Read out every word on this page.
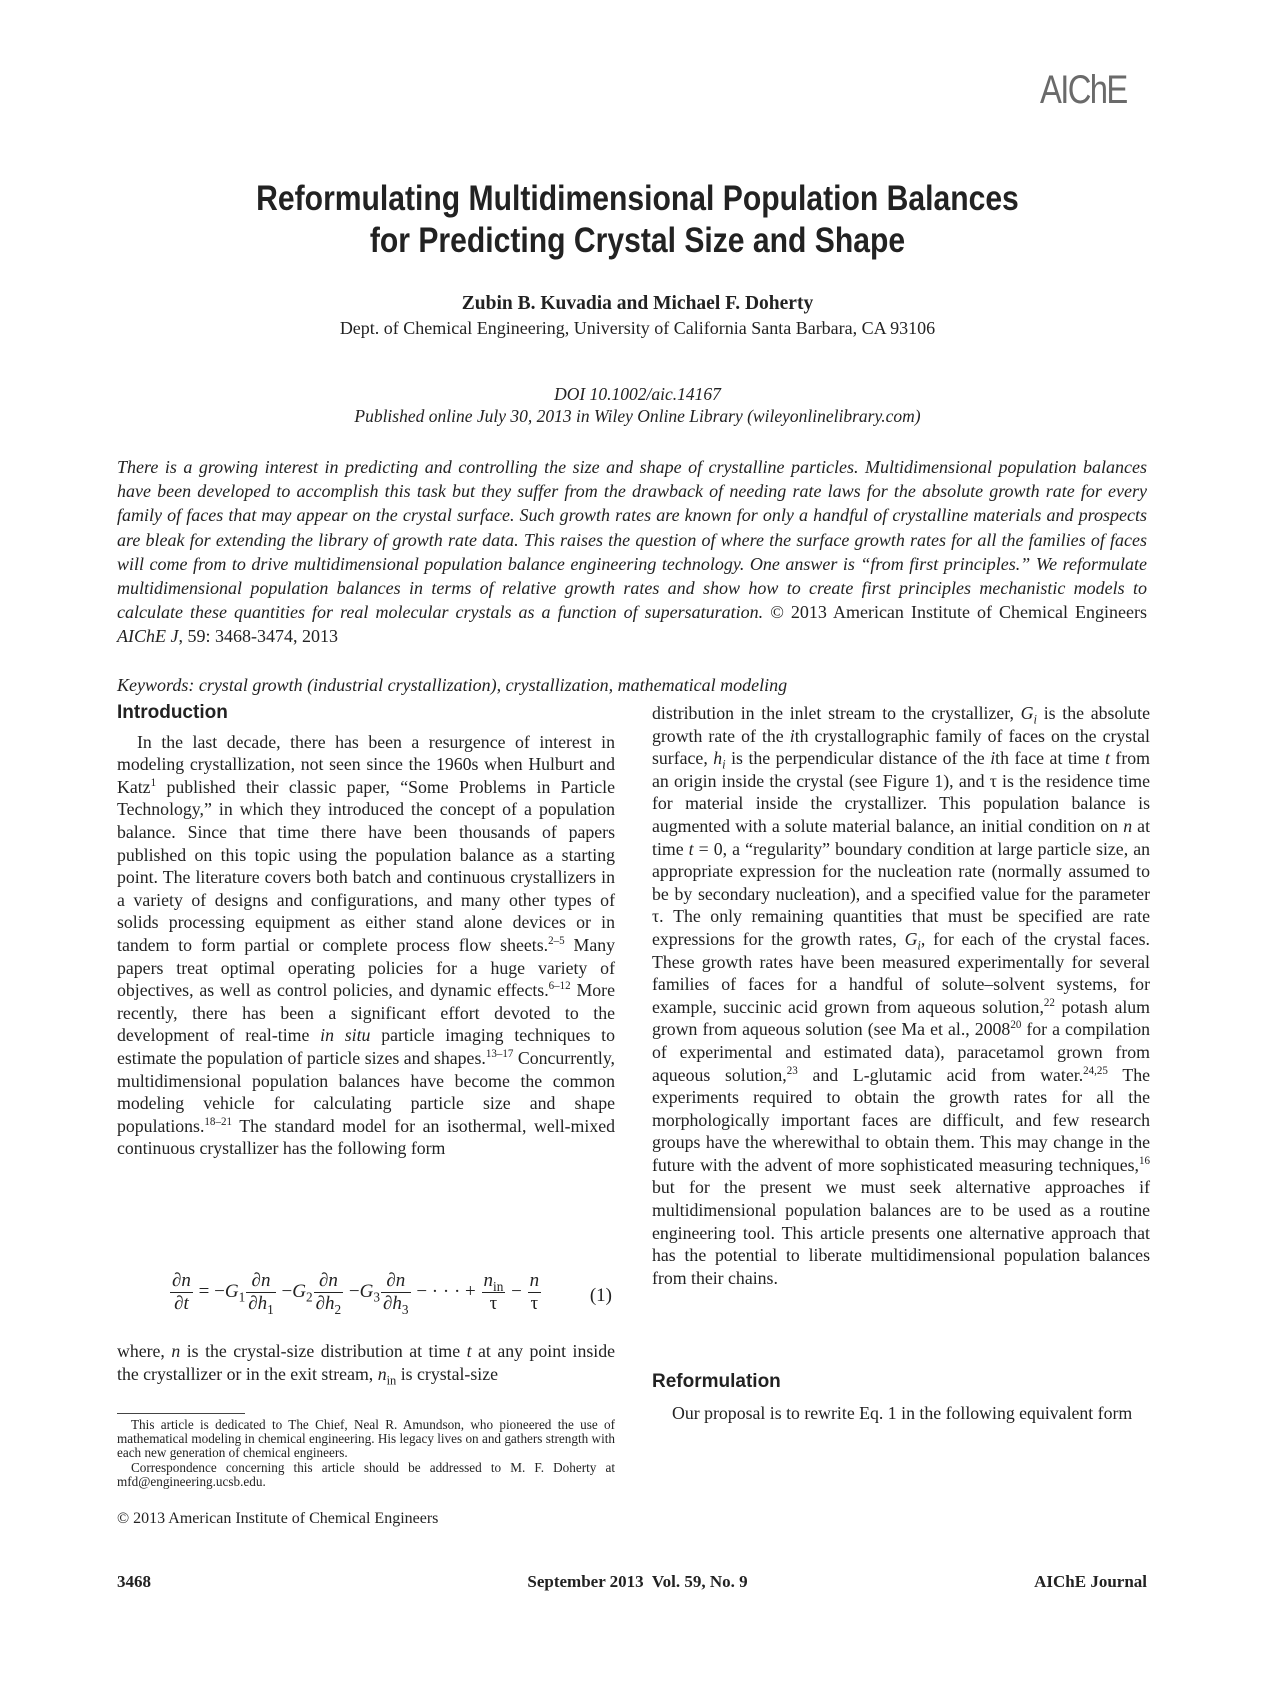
AIChE
Reformulating Multidimensional Population Balances
for Predicting Crystal Size and Shape
Zubin B. Kuvadia and Michael F. Doherty
Dept. of Chemical Engineering, University of California Santa Barbara, CA 93106
DOI 10.1002/aic.14167
Published online July 30, 2013 in Wiley Online Library (wileyonlinelibrary.com)
There is a growing interest in predicting and controlling the size and shape of crystalline particles. Multidimensional population balances have been developed to accomplish this task but they suffer from the drawback of needing rate laws for the absolute growth rate for every family of faces that may appear on the crystal surface. Such growth rates are known for only a handful of crystalline materials and prospects are bleak for extending the library of growth rate data. This raises the question of where the surface growth rates for all the families of faces will come from to drive multidimensional population balance engineering technology. One answer is “from first principles.” We reformulate multidimensional population balances in terms of relative growth rates and show how to create first principles mechanistic models to calculate these quantities for real molecular crystals as a function of supersaturation. © 2013 American Institute of Chemical Engineers AIChE J, 59: 3468-3474, 2013
Keywords: crystal growth (industrial crystallization), crystallization, mathematical modeling
Introduction

In the last decade, there has been a resurgence of interest in modeling crystallization, not seen since the 1960s when Hulburt and Katz$^1$ published their classic paper, “Some Problems in Particle Technology,” in which they introduced the concept of a population balance. Since that time there have been thousands of papers published on this topic using the population balance as a starting point. The literature covers both batch and continuous crystallizers in a variety of designs and configurations, and many other types of solids processing equipment as either stand alone devices or in tandem to form partial or complete process flow sheets.$^{2-5}$ Many papers treat optimal operating policies for a huge variety of objectives, as well as control policies, and dynamic effects.$^{6-12}$ More recently, there has been a significant effort devoted to the development of real-time in situ particle imaging techniques to estimate the population of particle sizes and shapes.$^{13-17}$ Concurrently, multidimensional population balances have become the common modeling vehicle for calculating particle size and shape populations.$^{18-21}$ The standard model for an isothermal, well-mixed continuous crystallizer has the following form

$\frac{\partial n}{\partial t} = -G_1 \frac{\partial n}{\partial h_1} -G_2 \frac{\partial n}{\partial h_2} -G_3 \frac{\partial n}{\partial h_3}$ − · · · + $\frac{n_{in}}{\tau} - \frac{n}{\tau}$	(1)

where, n is the crystal-size distribution at time t at any point inside the crystallizer or in the exit stream, $n_{in}$ is crystal-size

This article is dedicated to The Chief, Neal R. Amundson, who pioneered the use of mathematical modeling in chemical engineering. His legacy lives on and gathers strength with each new generation of chemical engineers.

Correspondence concerning this article should be addressed to M. F. Doherty at mfd@engineering.ucsb.edu.

© 2013 American Institute of Chemical Engineers

distribution in the inlet stream to the crystallizer, $G_i$ is the absolute growth rate of the ith crystallographic family of faces on the crystal surface, $h_i$ is the perpendicular distance of the ith face at time t from an origin inside the crystal (see Figure 1), and τ is the residence time for material inside the crystallizer. This population balance is augmented with a solute material balance, an initial condition on n at time t = 0, a “regularity” boundary condition at large particle size, an appropriate expression for the nucleation rate (normally assumed to be by secondary nucleation), and a specified value for the parameter τ. The only remaining quantities that must be specified are rate expressions for the growth rates, $G_i$, for each of the crystal faces. These growth rates have been measured experimentally for several families of faces for a handful of solute–solvent systems, for example, succinic acid grown from aqueous solution,$^{22}$ potash alum grown from aqueous solution (see Ma et al., 2008$^{20}$ for a compilation of experimental and estimated data), paracetamol grown from aqueous solution,$^{23}$ and L-glutamic acid from water.$^{24,25}$ The experiments required to obtain the growth rates for all the morphologically important faces are difficult, and few research groups have the wherewithal to obtain them. This may change in the future with the advent of more sophisticated measuring techniques,$^{16}$ but for the present we must seek alternative approaches if multidimensional population balances are to be used as a routine engineering tool. This article presents one alternative approach that has the potential to liberate multidimensional population balances from their chains.

Reformulation

Our proposal is to rewrite Eq. 1 in the following equivalent form

3468	September 2013  Vol. 59, No. 9	AIChE Journal
